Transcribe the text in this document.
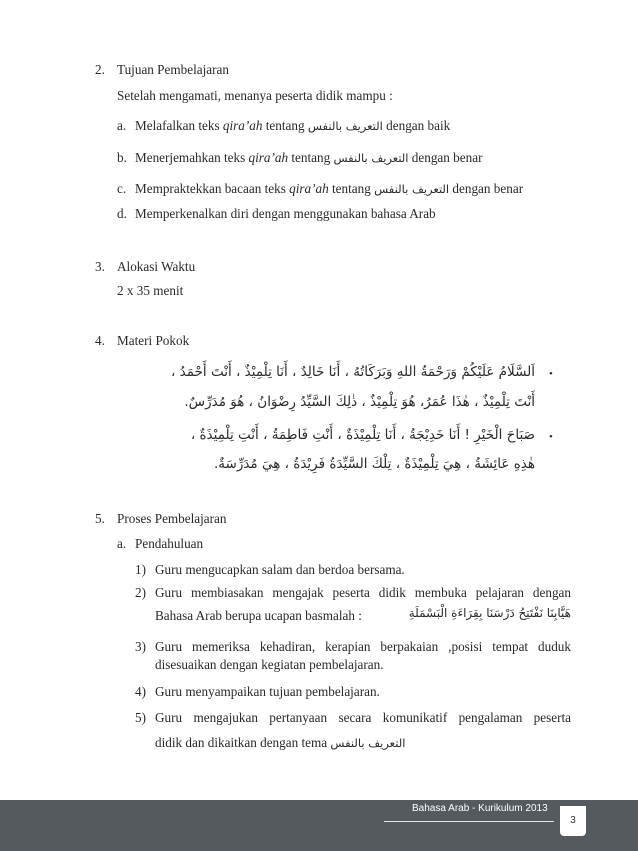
2. Tujuan Pembelajaran
Setelah mengamati, menanya peserta didik mampu :
a. Melafalkan teks qira’ah tentang التعريف بالنفس dengan baik
b. Menerjemahkan teks qira’ah tentang التعريف بالنفس dengan benar
c. Mempraktekkan bacaan teks qira’ah tentang التعريف بالنفس dengan benar
d. Memperkenalkan diri dengan menggunakan bahasa Arab
3. Alokasi Waktu
2 x 35 menit
4. Materi Pokok
•
اَلسَّلَامُ عَلَيْكُمْ وَرَحْمَةُ اللهِ وَبَرَكَاتُهُ ، أَنَا خَالِدٌ ، أَنَا تِلْمِيْذٌ ، أَنْتَ أَحْمَدُ ،
أَنْتَ تِلْمِيْذٌ ، هٰذَا عُمَرُ، هُوَ تِلْمِيْذٌ ، ذٰلِكَ السَّيِّدُ رِضْوَانُ ، هُوَ مُدَرِّسٌ.
•
صَبَاحَ الْخَيْرِ ! أَنَا خَدِيْجَةُ ، أَنَا تِلْمِيْذَةٌ ، أَنْتِ فَاطِمَةُ ، أَنْتِ تِلْمِيْذَةٌ ،
هٰذِهِ عَائِشَةُ ، هِيَ تِلْمِيْذَةٌ ، تِلْكَ السَّيِّدَةُ فَرِيْدَةُ ، هِيَ مُدَرِّسَةٌ.
5. Proses Pembelajaran
a. Pendahuluan
1) Guru mengucapkan salam dan berdoa bersama.
2) Guru membiasakan mengajak peserta didik membuka pelajaran dengan
Bahasa Arab berupa ucapan basmalah :	هَيَّابِنَا نَفْتَتِحُ دَرْسَنَا بِقِرَاءَةِ الْبَسْمَلَةِ
3) Guru memeriksa kehadiran, kerapian berpakaian ,posisi tempat duduk
disesuaikan dengan kegiatan pembelajaran.
4) Guru menyampaikan tujuan pembelajaran.
5) Guru mengajukan pertanyaan secara komunikatif pengalaman peserta
didik dan dikaitkan dengan tema التعريف بالنفس
Bahasa Arab - Kurikulum 2013
3
